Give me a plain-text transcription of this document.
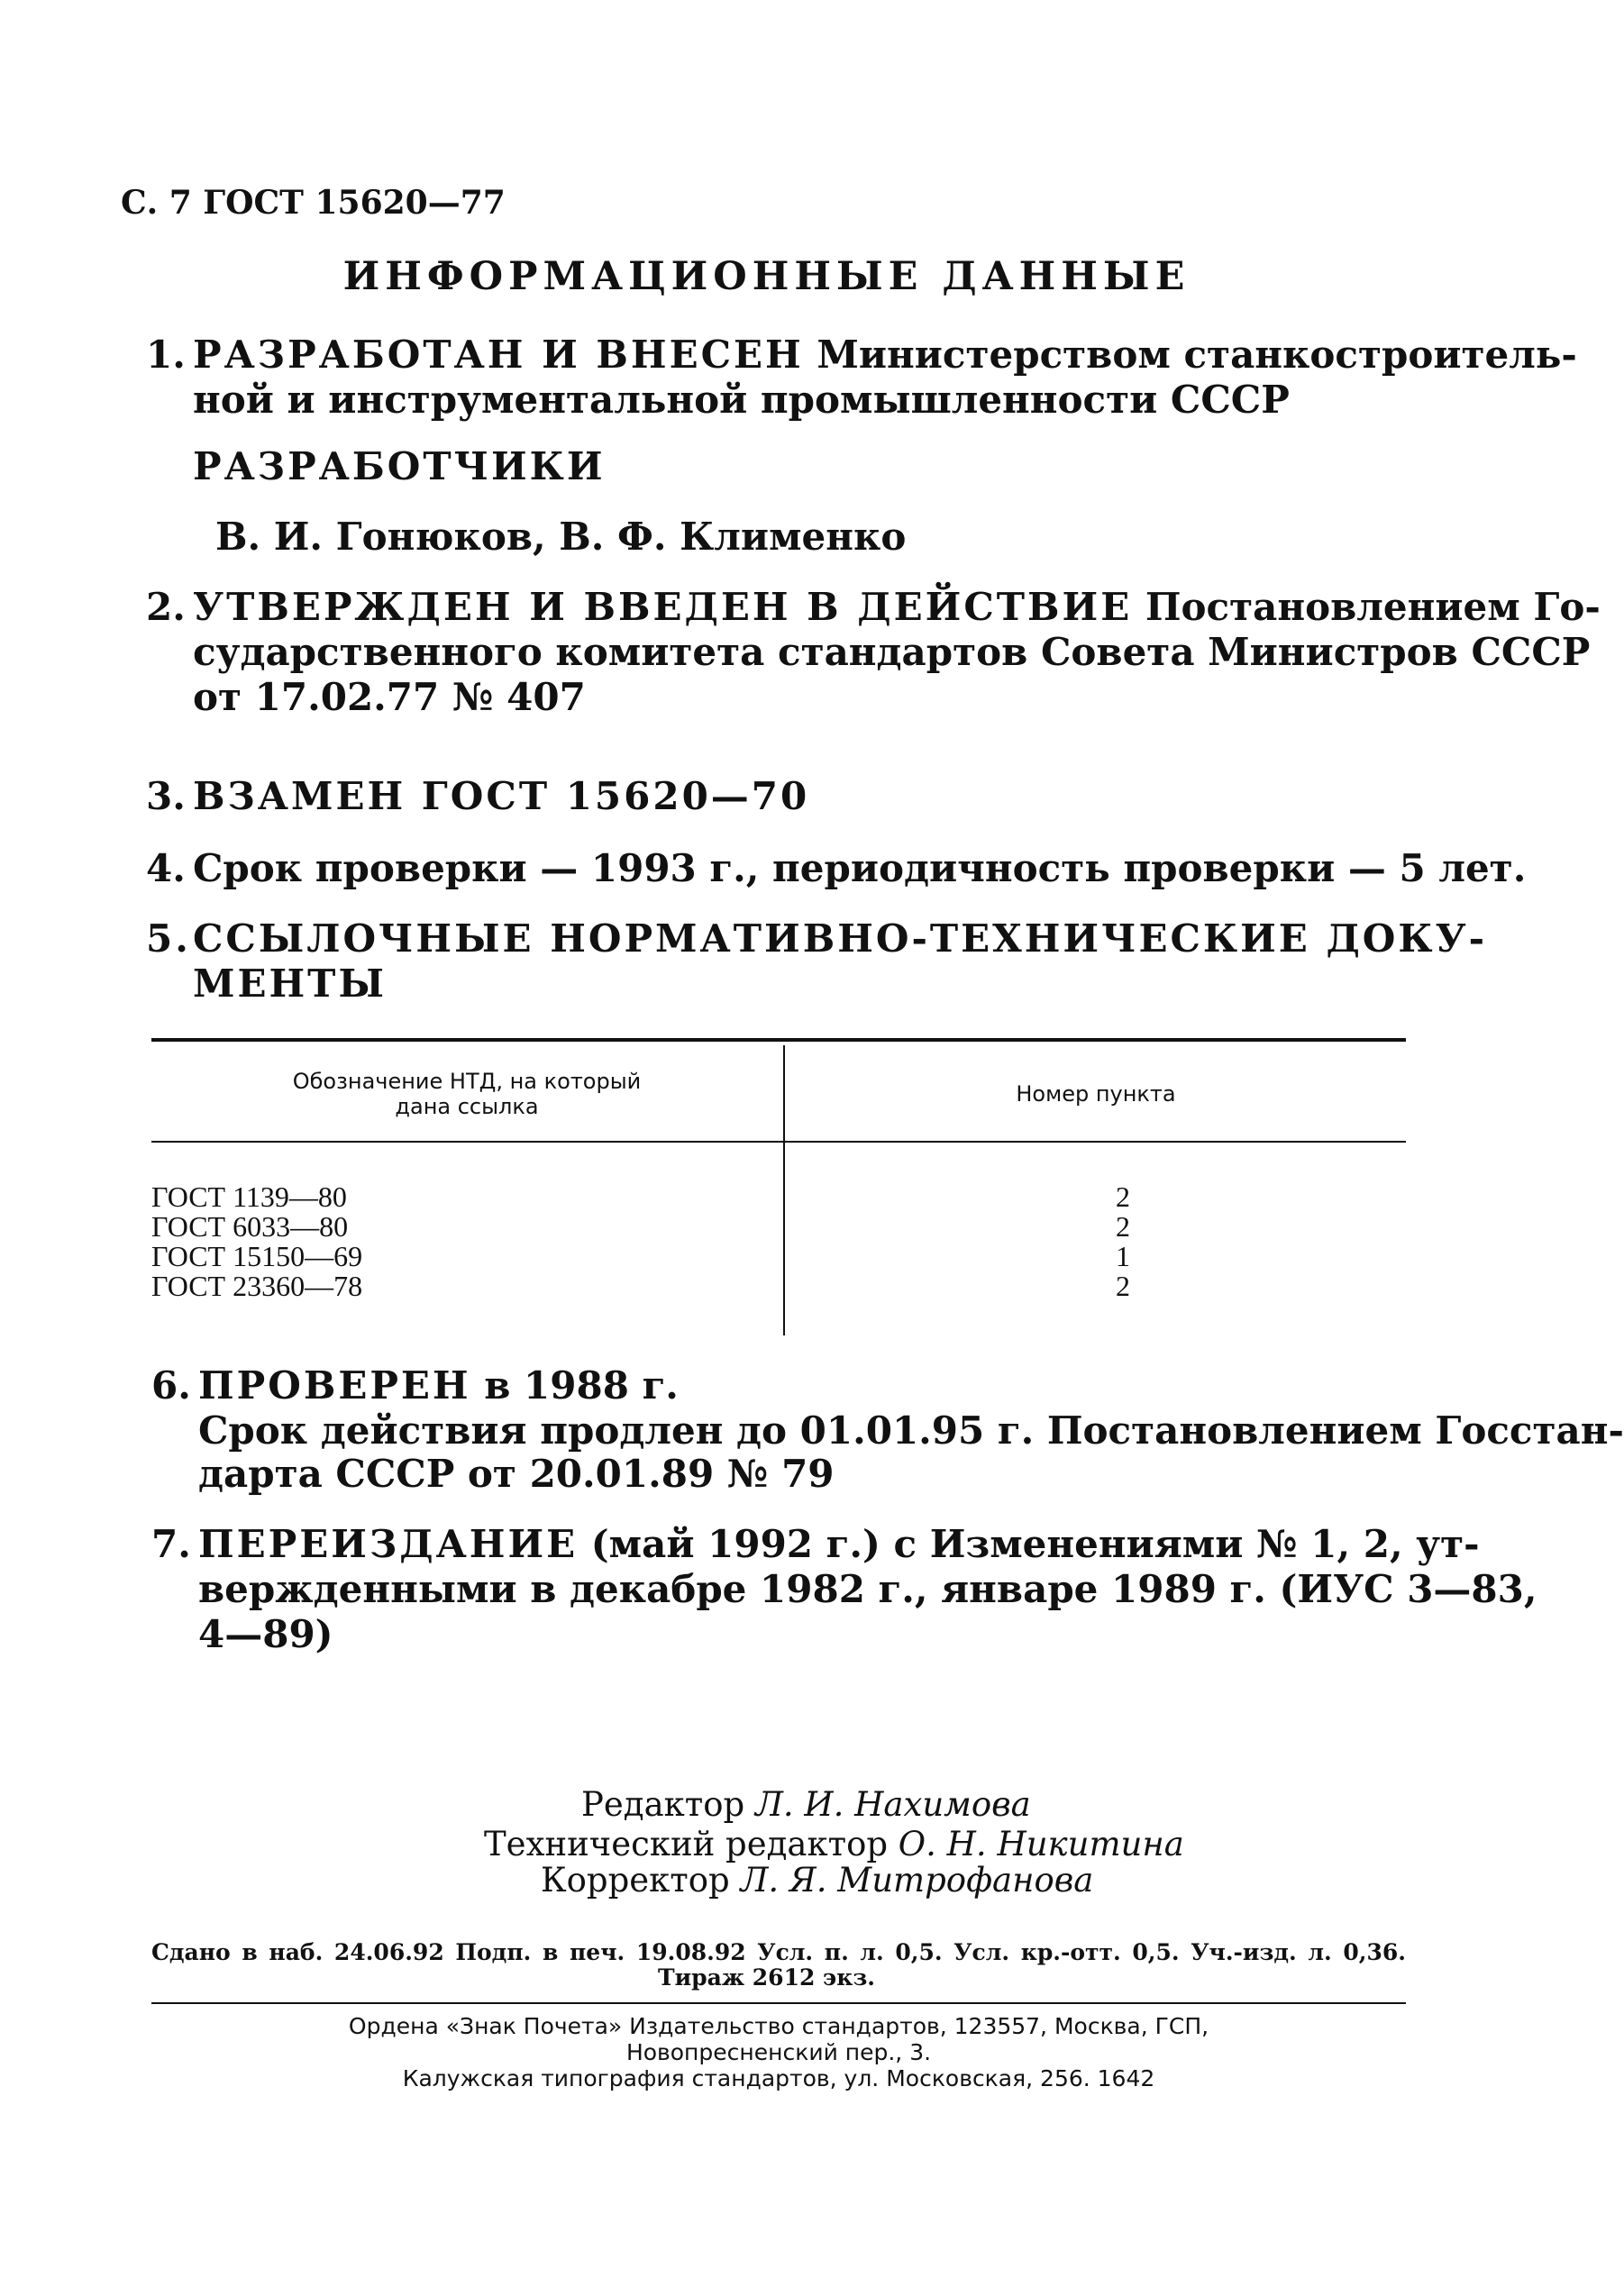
С. 7 ГОСТ 15620—77
ИНФОРМАЦИОННЫЕ ДАННЫЕ
1. РАЗРАБОТАН И ВНЕСЕН Министерством станкостроитель-
ной и инструментальной промышленности СССР
РАЗРАБОТЧИКИ
В. И. Гонюков, В. Ф. Клименко
2. УТВЕРЖДЕН И ВВЕДЕН В ДЕЙСТВИЕ Постановлением Го-
сударственного комитета стандартов Совета Министров СССР
от 17.02.77 № 407
3. ВЗАМЕН ГОСТ 15620—70
4. Срок проверки — 1993 г., периодичность проверки — 5 лет.
5.ССЫЛОЧНЫЕ НОРМАТИВНО-ТЕХНИЧЕСКИЕ ДОКУ-
МЕНТЫ
Обозначение НТД, на который
дана ссылка	Номер пункта
ГОСТ 1139—80
ГОСТ 6033—80
ГОСТ 15150—69
ГОСТ 23360—78
2
2
1
2
6. ПРОВЕРЕН в 1988 г.
Срок действия продлен до 01.01.95 г. Постановлением Госстан-
дарта СССР от 20.01.89 № 79
7. ПЕРЕИЗДАНИЕ (май 1992 г.) с Изменениями № 1, 2, ут-
вержденными в декабре 1982 г., январе 1989 г. (ИУС 3—83,
4—89)
Редактор Л. И. Нахимова
Технический редактор О. Н. Никитина
Корректор Л. Я. Митрофанова
Сдано в наб. 24.06.92 Подп. в печ. 19.08.92 Усл. п. л. 0,5. Усл. кр.-отт. 0,5. Уч.-изд. л. 0,36.
Тираж 2612 экз.
Ордена «Знак Почета» Издательство стандартов, 123557, Москва, ГСП,
Новопресненский пер., 3.
Калужская типография стандартов, ул. Московская, 256. 1642
